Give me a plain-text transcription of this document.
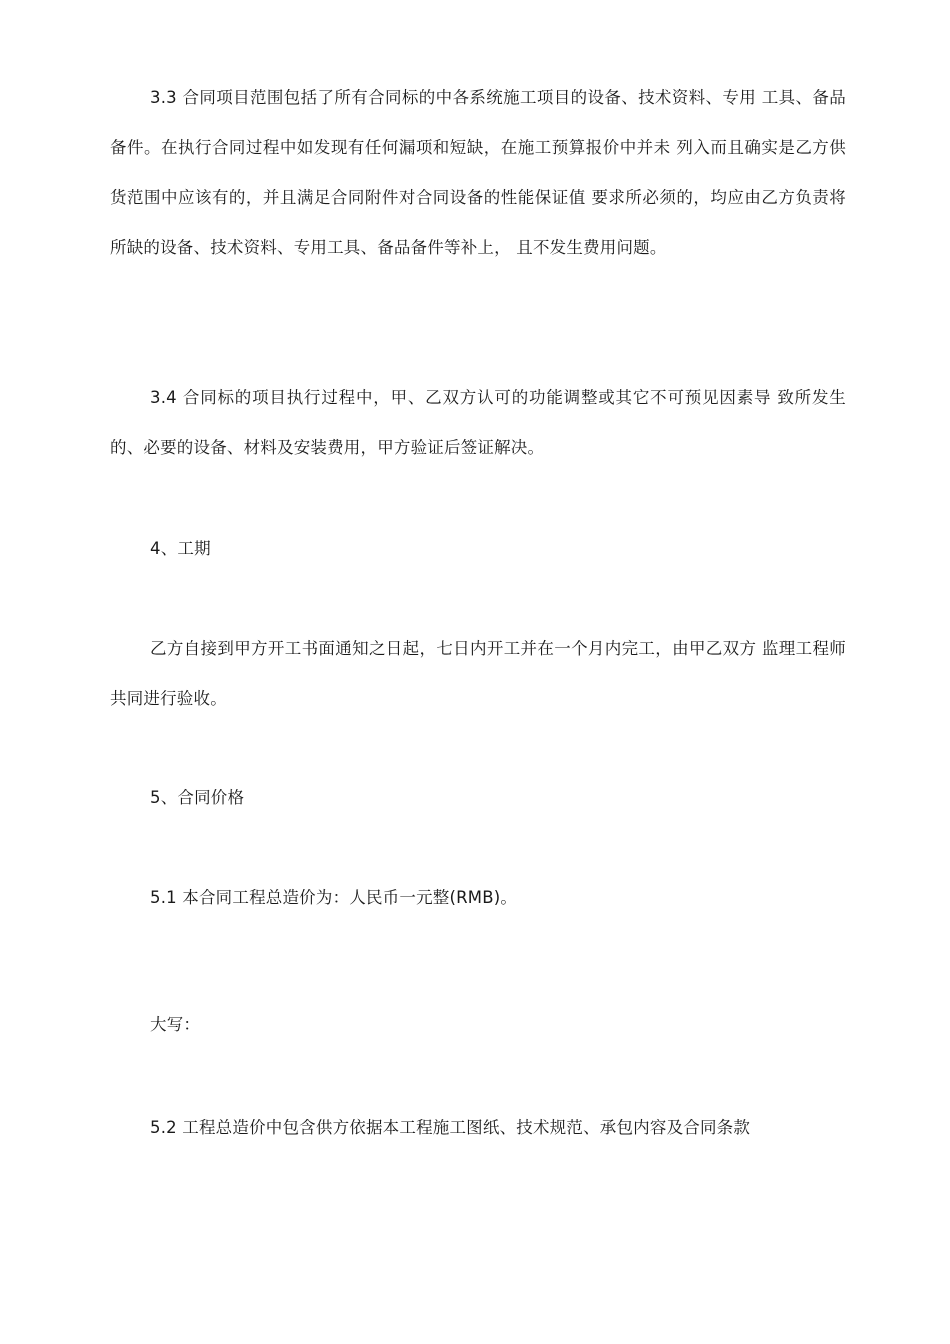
3.3 合同项目范围包括了所有合同标的中各系统施工项目的设备、技术资料、专用 工具、备品备件。在执行合同过程中如发现有任何漏项和短缺，在施工预算报价中并未 列入而且确实是乙方供货范围中应该有的，并且满足合同附件对合同设备的性能保证值 要求所必须的，均应由乙方负责将所缺的设备、技术资料、专用工具、备品备件等补上， 且不发生费用问题。

3.4 合同标的项目执行过程中，甲、乙双方认可的功能调整或其它不可预见因素导 致所发生的、必要的设备、材料及安装费用，甲方验证后签证解决。

4、工期

乙方自接到甲方开工书面通知之日起，七日内开工并在一个月内完工，由甲乙双方 监理工程师共同进行验收。

5、合同价格

5.1 本合同工程总造价为：人民币一元整(RMB)。

大写：

5.2 工程总造价中包含供方依据本工程施工图纸、技术规范、承包内容及合同条款
